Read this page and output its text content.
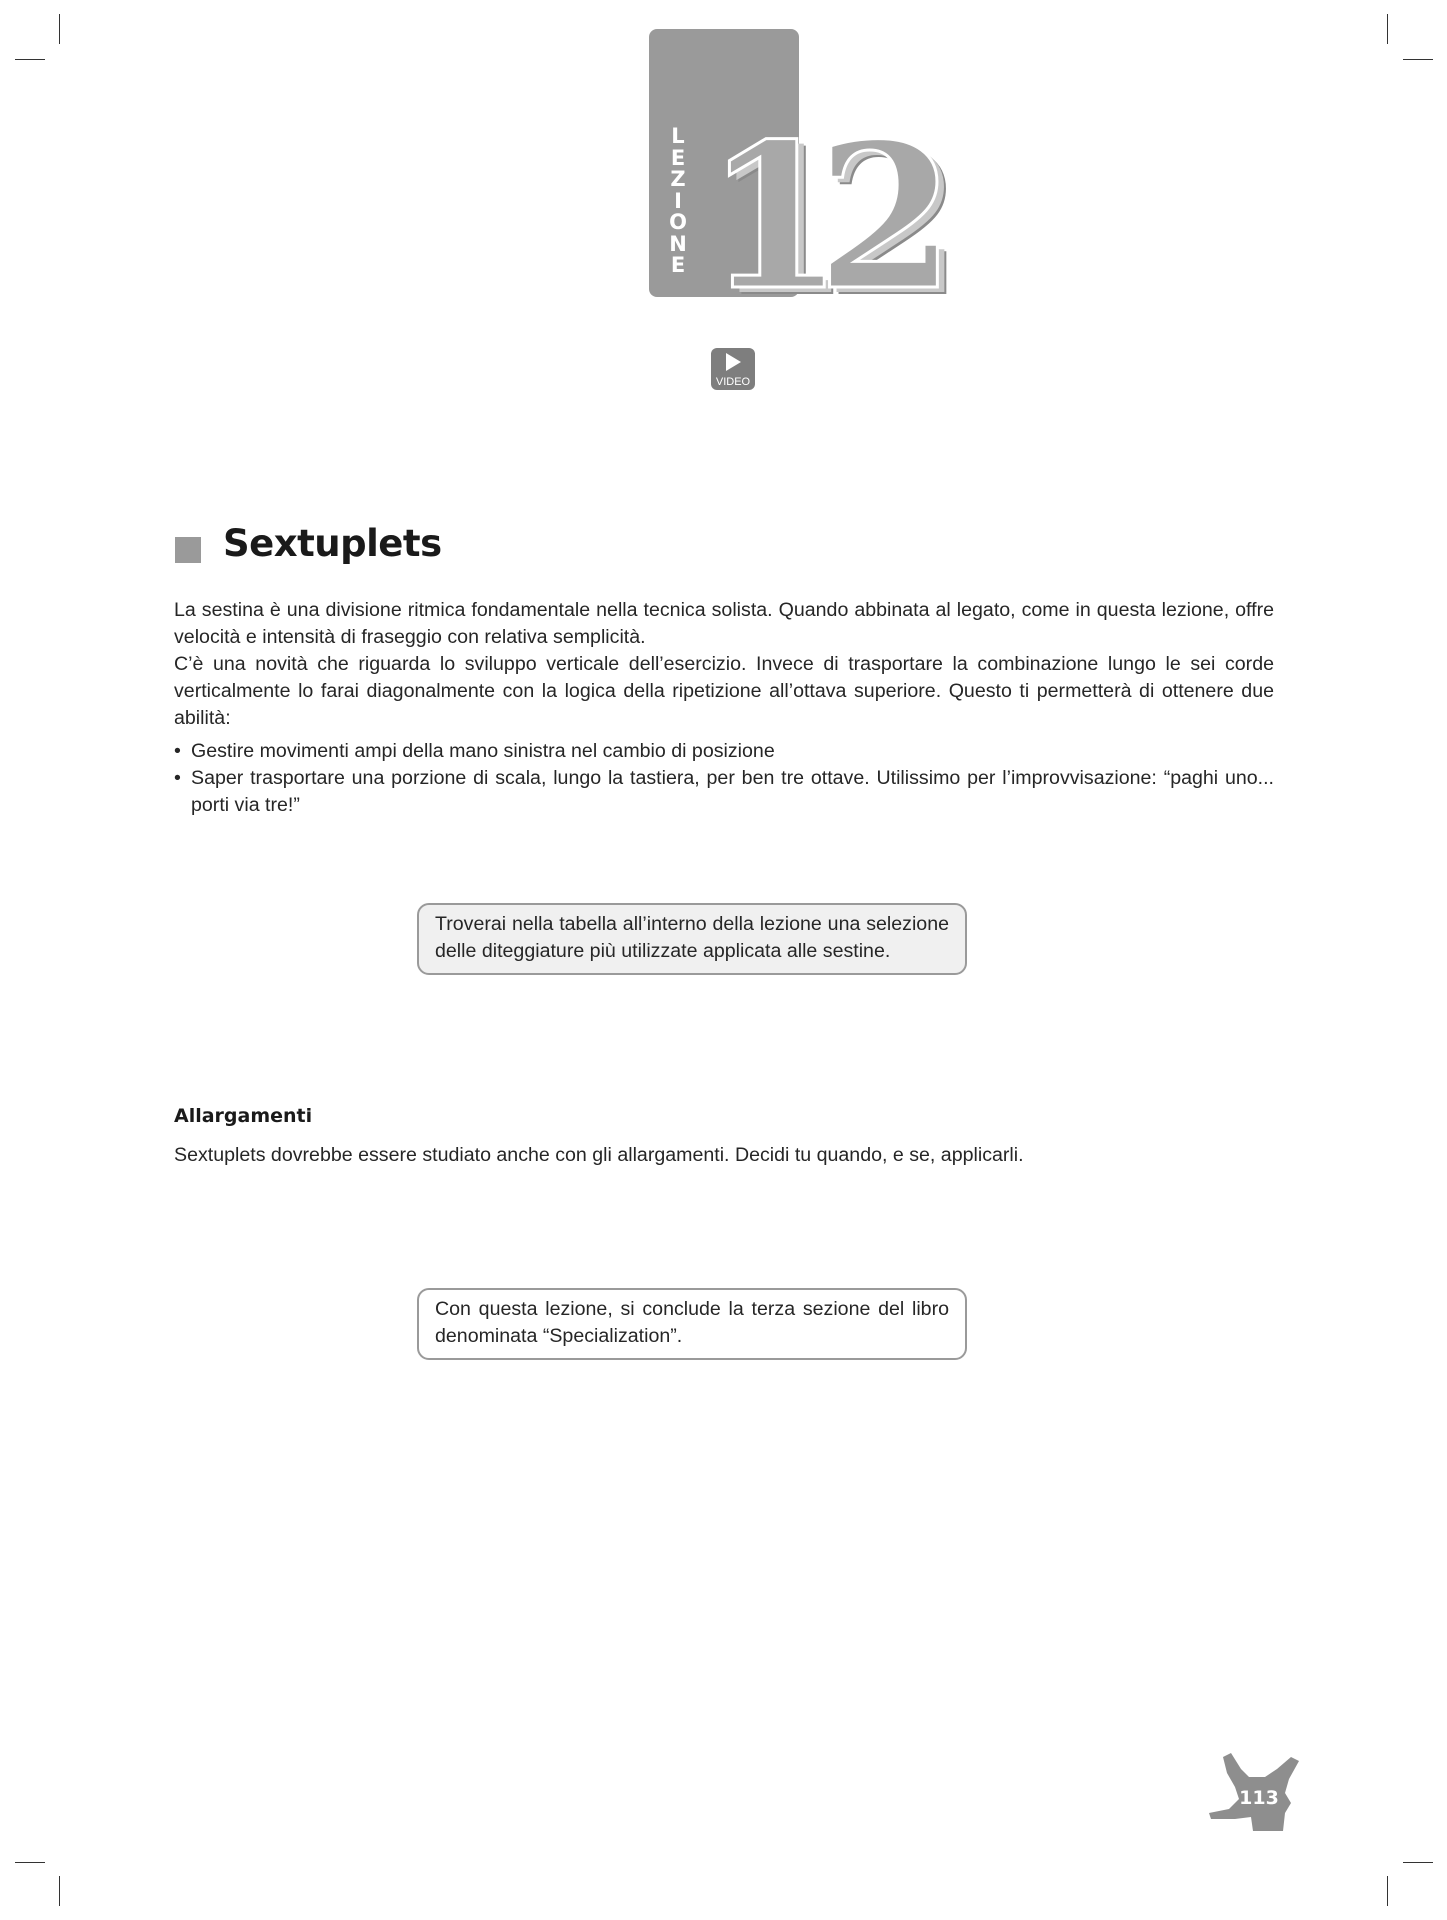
L
E
Z
I
O
N
E 12
VIDEO
Sextuplets

La sestina è una divisione ritmica fondamentale nella tecnica solista. Quando abbinata al legato, come in questa lezione, offre velocità e intensità di fraseggio con relativa semplicità.

C’è una novità che riguarda lo sviluppo verticale dell’esercizio. Invece di trasportare la combinazione lungo le sei corde verticalmente lo farai diagonalmente con la logica della ripetizione all’ottava superiore. Questo ti permetterà di ottenere due abilità:

• Gestire movimenti ampi della mano sinistra nel cambio di posizione
• Saper trasportare una porzione di scala, lungo la tastiera, per ben tre ottave. Utilissimo per l’improvvisazione: “paghi uno... porti via tre!”
Troverai nella tabella all’interno della lezione una selezione delle diteggiature più utilizzate applicata alle sestine.
Allargamenti

Sextuplets dovrebbe essere studiato anche con gli allargamenti. Decidi tu quando, e se, applicarli.

Con questa lezione, si conclude la terza sezione del libro denominata “Specialization”.
113
